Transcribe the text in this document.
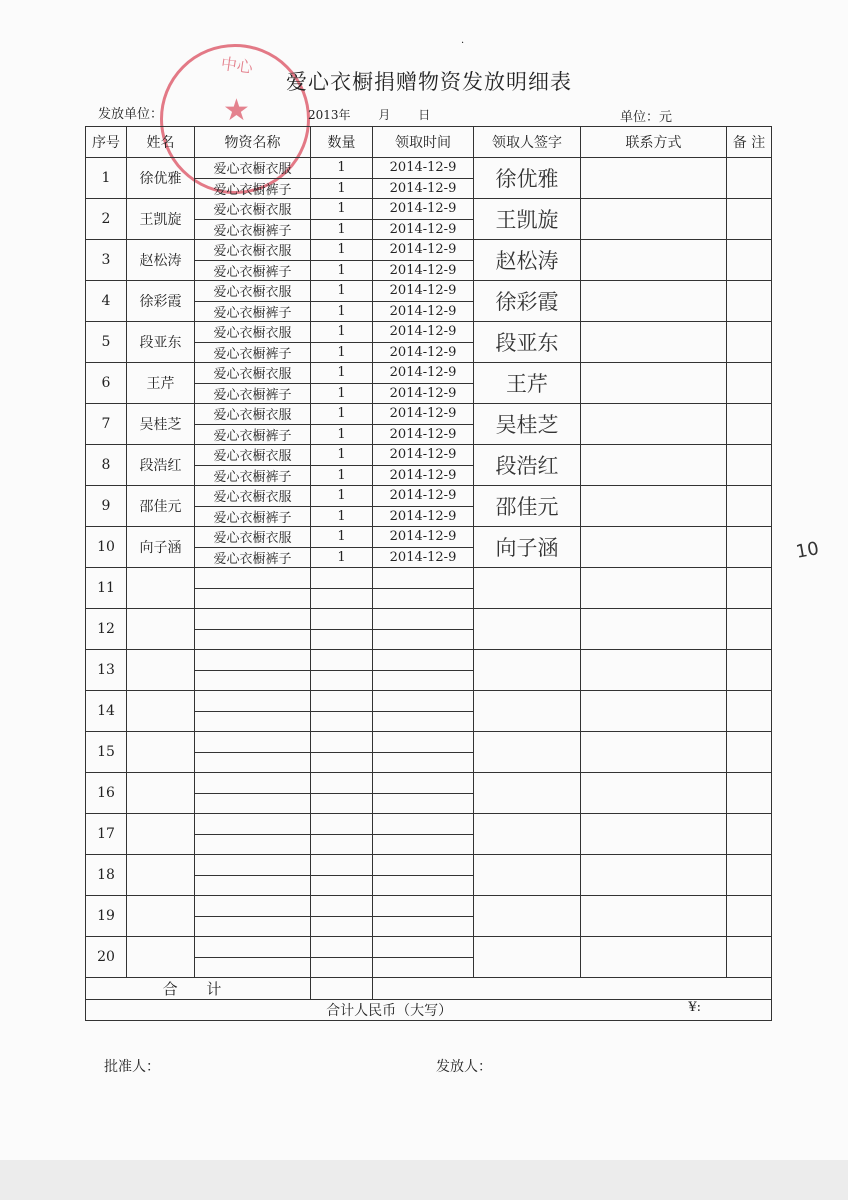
中心
★
·
爱心衣橱捐赠物资发放明细表
发放单位：	2013年 月 日	单位：元
序号	姓名	物资名称	数量	领取时间	领取人签字	联系方式	备 注
1	徐优雅	爱心衣橱衣服	1	2014-12-9	徐优雅		
		爱心衣橱裤子	1	2014-12-9			
2	王凯旋	爱心衣橱衣服	1	2014-12-9	王凯旋		
		爱心衣橱裤子	1	2014-12-9			
3	赵松涛	爱心衣橱衣服	1	2014-12-9	赵松涛		
		爱心衣橱裤子	1	2014-12-9			
4	徐彩霞	爱心衣橱衣服	1	2014-12-9	徐彩霞		
		爱心衣橱裤子	1	2014-12-9			
5	段亚东	爱心衣橱衣服	1	2014-12-9	段亚东		
		爱心衣橱裤子	1	2014-12-9			
6	王芹	爱心衣橱衣服	1	2014-12-9	王芹		
		爱心衣橱裤子	1	2014-12-9			
7	吴桂芝	爱心衣橱衣服	1	2014-12-9	吴桂芝		
		爱心衣橱裤子	1	2014-12-9			
8	段浩红	爱心衣橱衣服	1	2014-12-9	段浩红		
		爱心衣橱裤子	1	2014-12-9			
9	邵佳元	爱心衣橱衣服	1	2014-12-9	邵佳元		
		爱心衣橱裤子	1	2014-12-9			
10	向子涵	爱心衣橱衣服	1	2014-12-9	向子涵		
		爱心衣橱裤子	1	2014-12-9			
11							

12							

13							

14							

15							

16							

17							

18							

19							

20							

合 计							
合计人民币（大写） ¥:							
10
批准人：	发放人：
